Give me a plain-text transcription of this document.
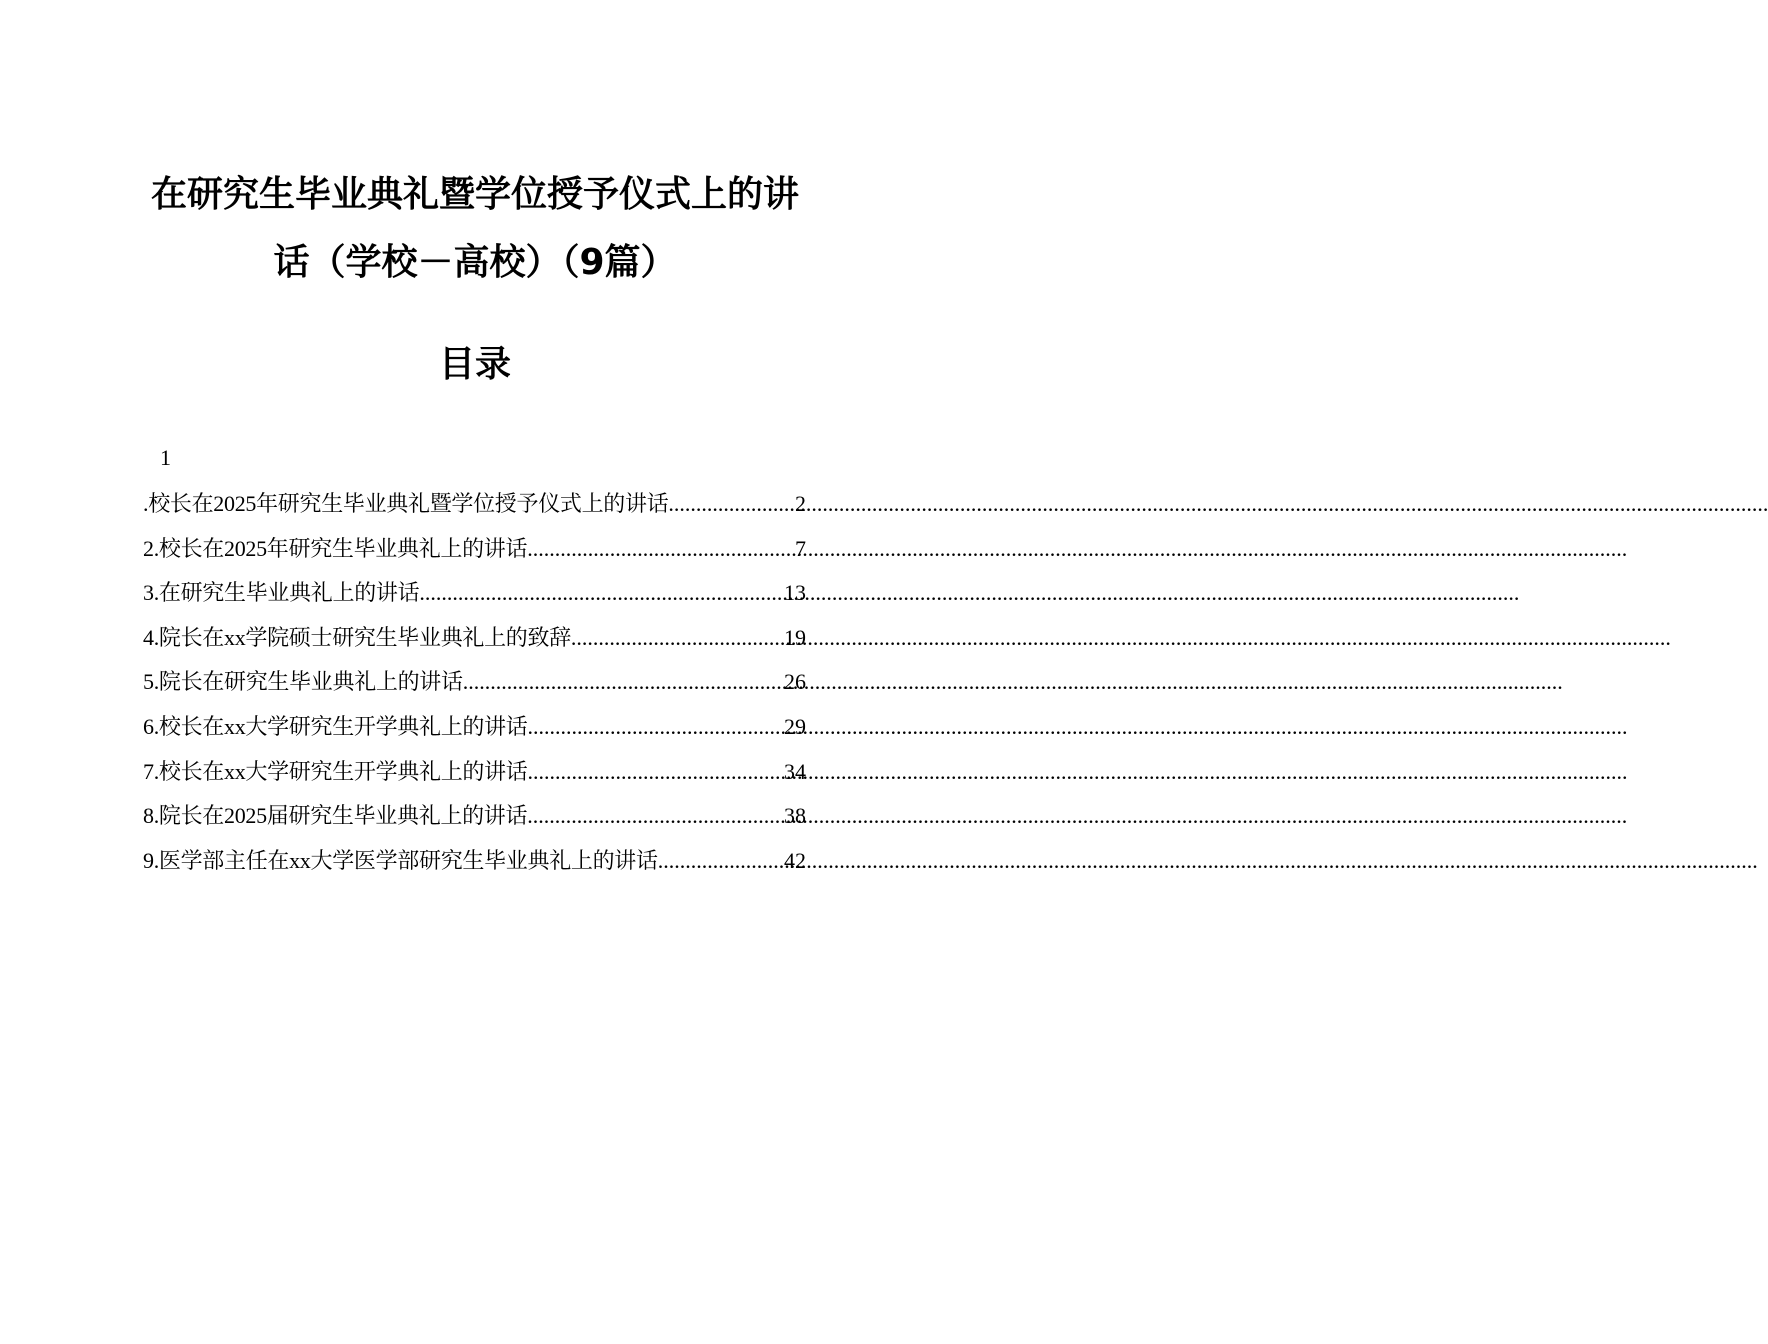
在研究生毕业典礼暨学位授予仪式上的讲
话（学校－高校）（9篇）
目录
1
.校长在2025年研究生毕业典礼暨学位授予仪式上的讲话 .....	2
2.校长在2025年研究生毕业典礼上的讲话 .....	7
3.在研究生毕业典礼上的讲话 .....	13
4.院长在xx学院硕士研究生毕业典礼上的致辞 .....	19
5.院长在研究生毕业典礼上的讲话 .....	26
6.校长在xx大学研究生开学典礼上的讲话 .....	29
7.校长在xx大学研究生开学典礼上的讲话 .....	34
8.院长在2025届研究生毕业典礼上的讲话 .....	38
9.医学部主任在xx大学医学部研究生毕业典礼上的讲话 .....	42
